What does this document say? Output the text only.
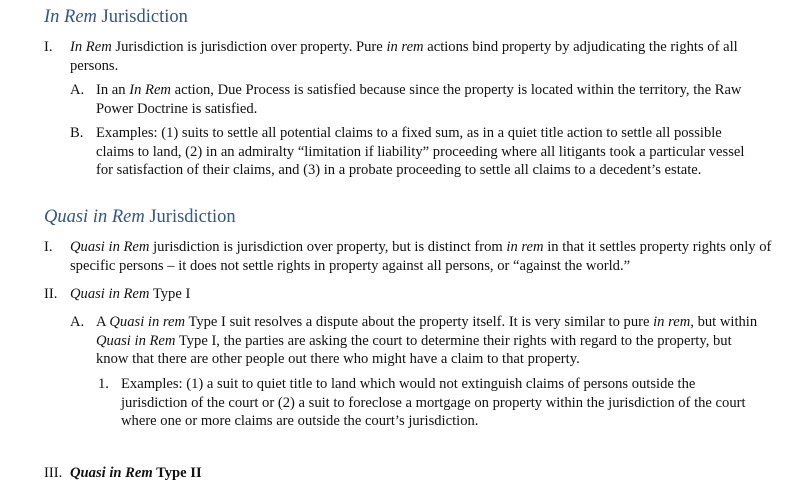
In Rem Jurisdiction
I. In Rem Jurisdiction is jurisdiction over property. Pure in rem actions bind property by adjudicating the rights of all persons.
A. In an In Rem action, Due Process is satisfied because since the property is located within the territory, the Raw Power Doctrine is satisfied.
B. Examples: (1) suits to settle all potential claims to a fixed sum, as in a quiet title action to settle all possible claims to land, (2) in an admiralty “limitation if liability” proceeding where all litigants took a particular vessel for satisfaction of their claims, and (3) in a probate proceeding to settle all claims to a decedent’s estate.
Quasi in Rem Jurisdiction
I. Quasi in Rem jurisdiction is jurisdiction over property, but is distinct from in rem in that it settles property rights only of specific persons – it does not settle rights in property against all persons, or “against the world.”
II. Quasi in Rem Type I
A. A Quasi in rem Type I suit resolves a dispute about the property itself. It is very similar to pure in rem, but within Quasi in Rem Type I, the parties are asking the court to determine their rights with regard to the property, but know that there are other people out there who might have a claim to that property.
1. Examples: (1) a suit to quiet title to land which would not extinguish claims of persons outside the jurisdiction of the court or (2) a suit to foreclose a mortgage on property within the jurisdiction of the court where one or more claims are outside the court’s jurisdiction.
III. Quasi in Rem Type II
